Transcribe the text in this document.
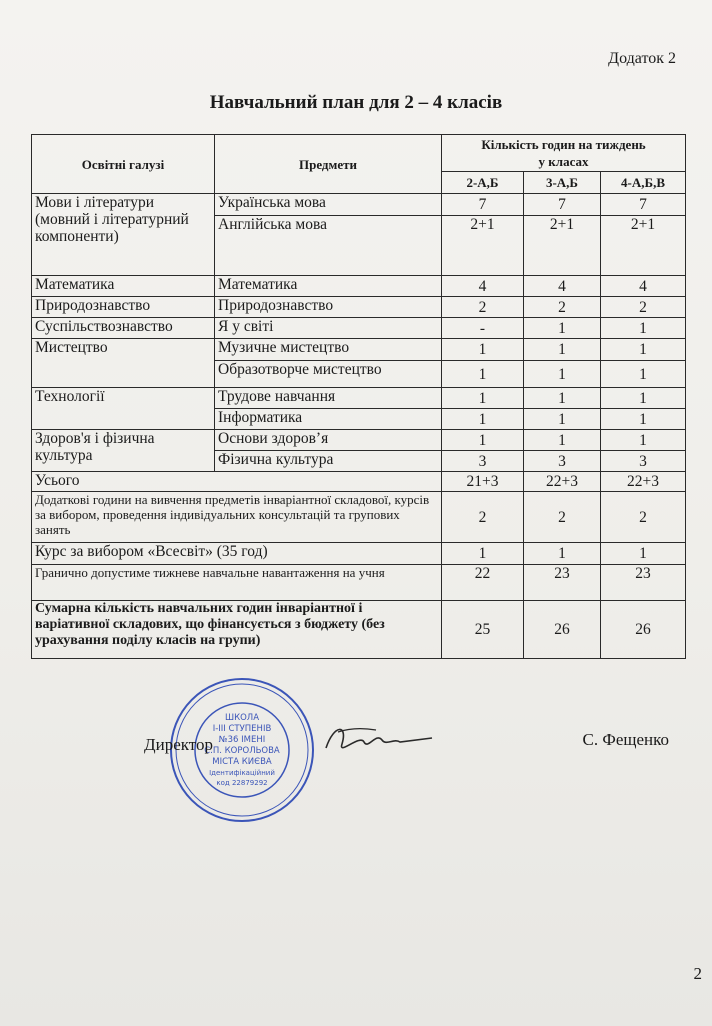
Додаток 2
Навчальний план для 2 – 4 класів
Освітні галузі	Предмети	Кількість годин на тиждень
у класах		
		2-А,Б	3-А,Б	4-А,Б,В
Мови і літератури (мовний і літературний компоненти)	Українська мова	7	7	7
	Англійська мова	2+1	2+1	2+1
Математика	Математика	4	4	4
Природознавство	Природознавство	2	2	2
Суспільствознавство	Я у світі	-	1	1
Мистецтво	Музичне мистецтво	1	1	1
	Образотворче мистецтво	1	1	1
Технології	Трудове навчання	1	1	1
	Інформатика	1	1	1
Здоров'я і фізична культура	Основи здоров’я	1	1	1
	Фізична культура	3	3	3
Усього		21+3	22+3	22+3
Додаткові години на вивчення предметів інваріантної складової, курсів за вибором, проведення індивідуальних консультацій та групових занять		2	2	2
Курс за вибором «Всесвіт» (35 год)		1	1	1
Гранично допустиме тижневе навчальне навантаження на учня		22	23	23
Сумарна кількість навчальних годин інваріантної і варіативної складових, що фінансується з бюджету (без урахування поділу класів на групи)		25	26	26
ШКОЛА
І-ІІІ СТУПЕНІВ
№36 ІМЕНІ
С.П. КОРОЛЬОВА
МІСТА КИЄВА
Ідентифікаційний
код 22879292
Директор	С. Фещенко
2
